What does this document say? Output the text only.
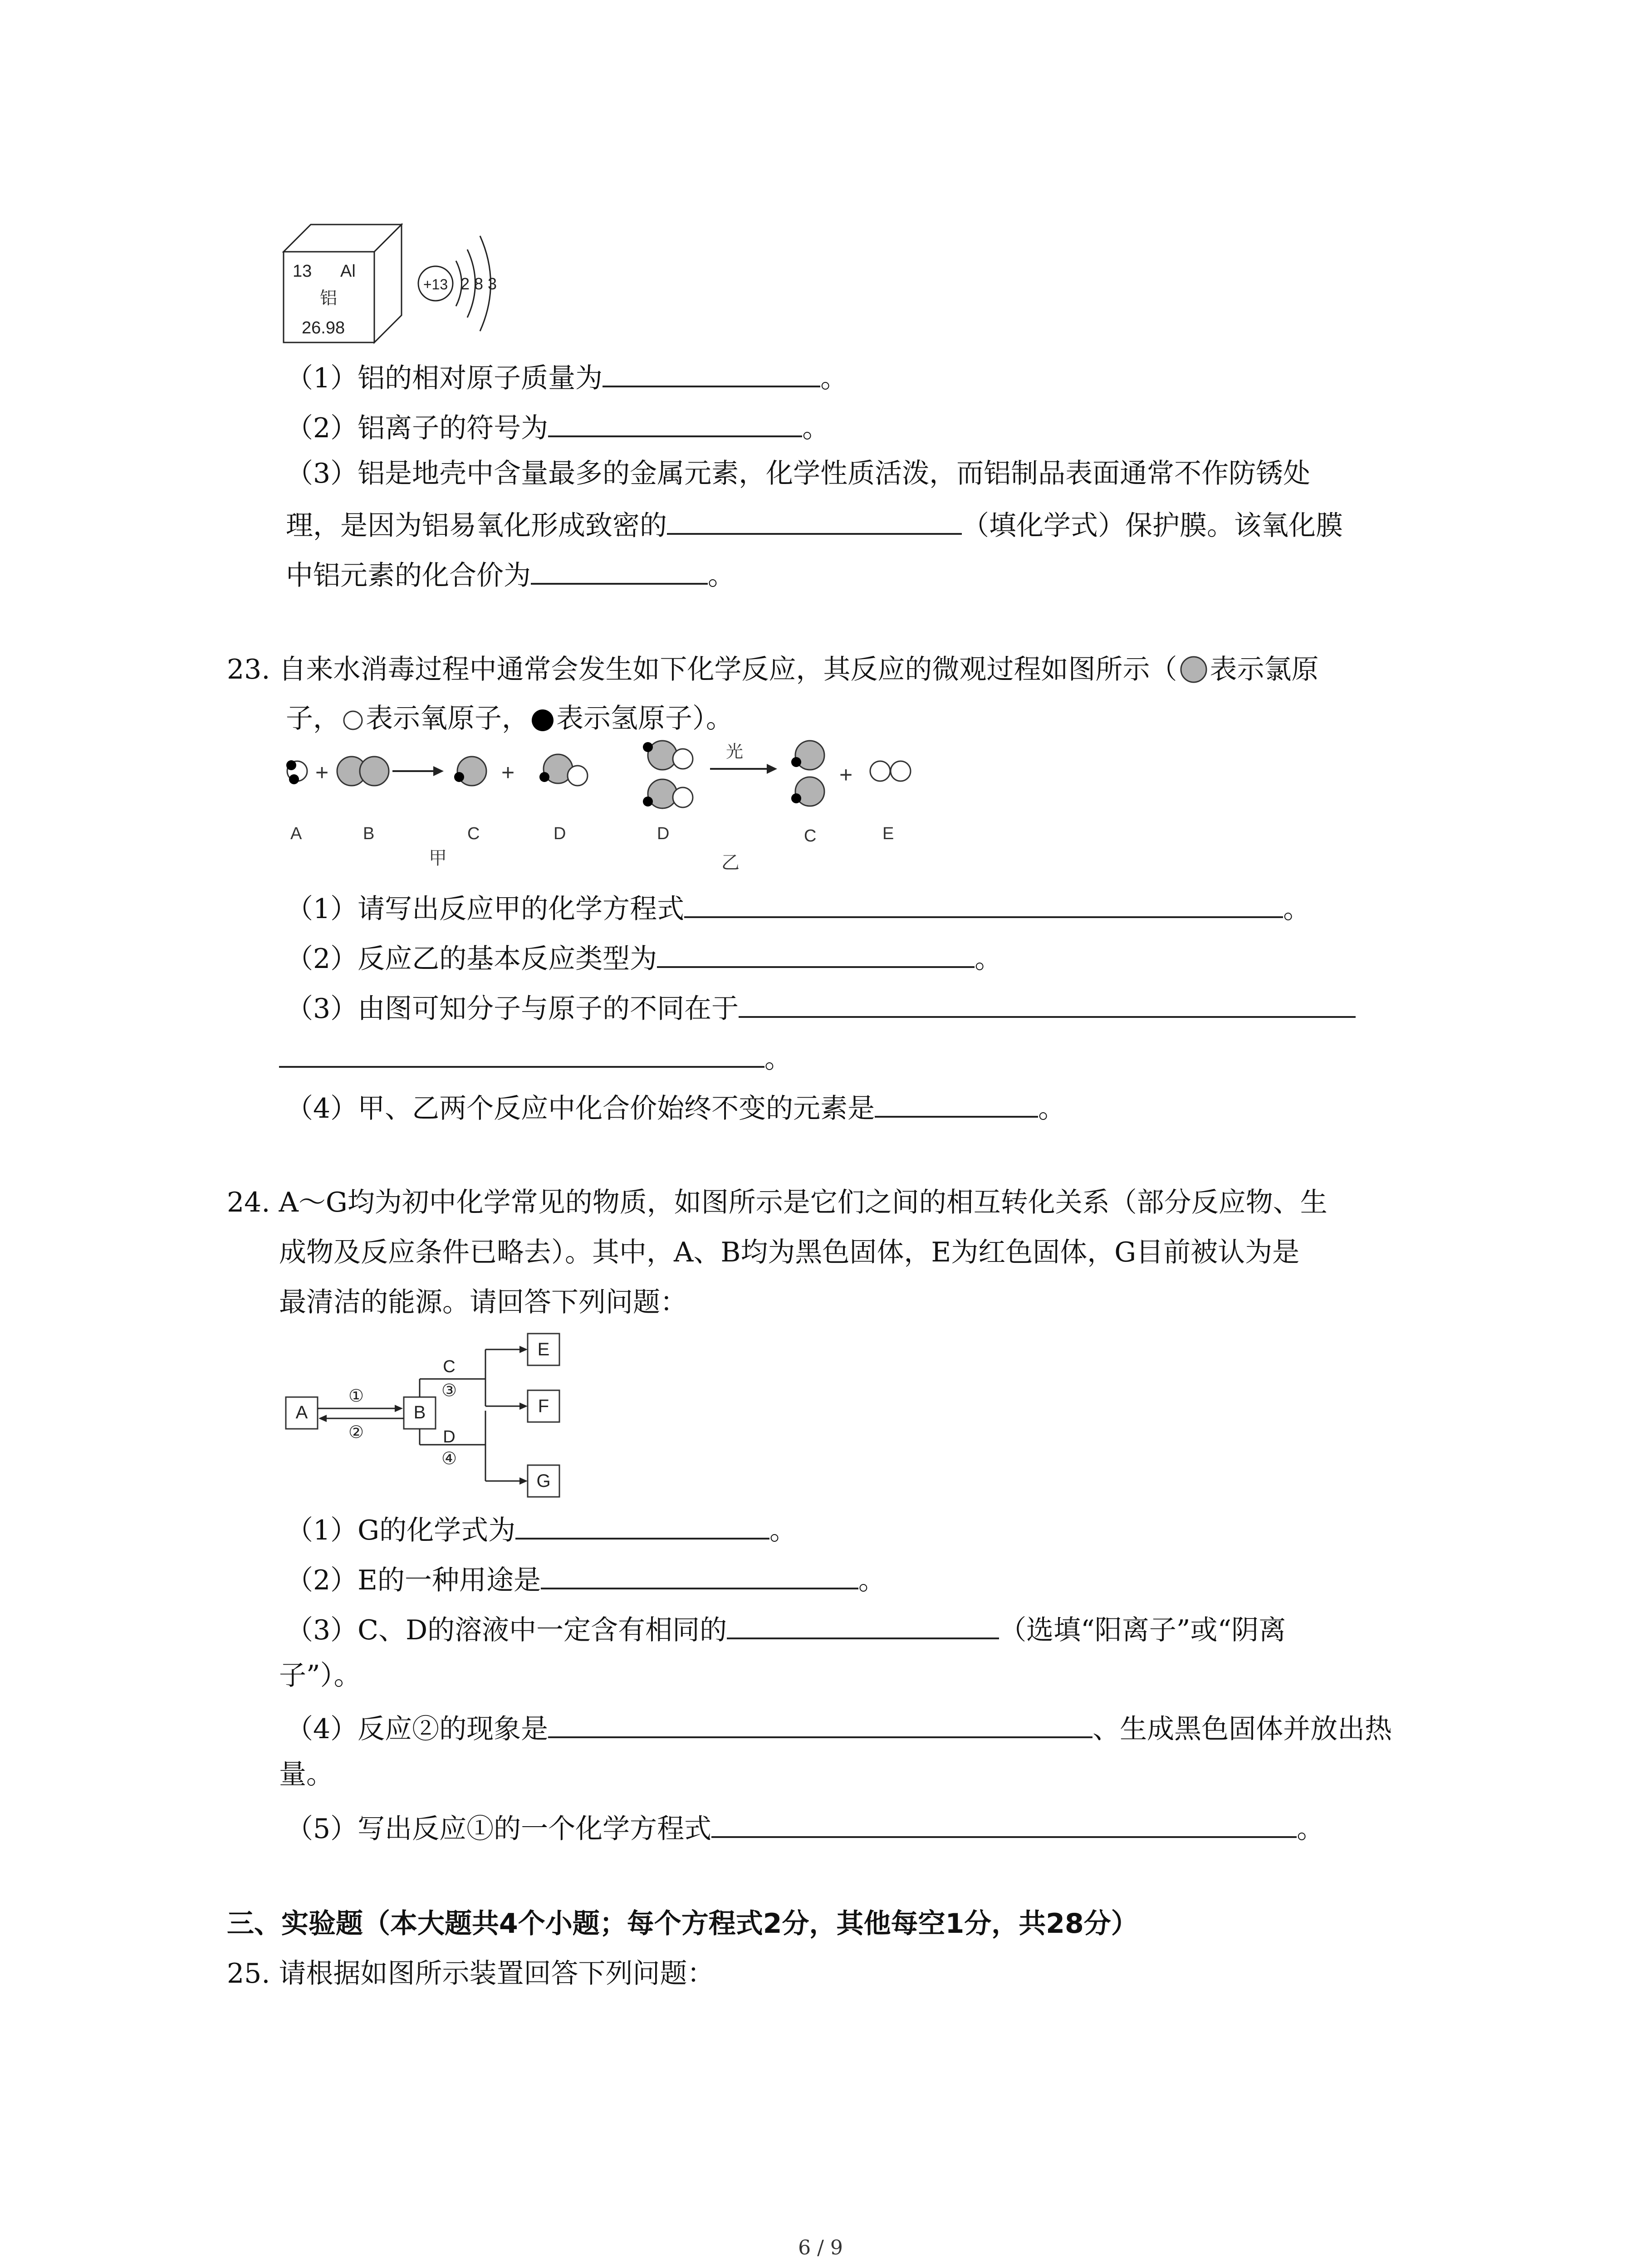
13 Al
铝
26.98
+13 2 8 3
（1）铝的相对原子质量为	。
（2）铝离子的符号为	。
（3）铝是地壳中含量最多的金属元素，化学性质活泼，而铝制品表面通常不作防锈处
理，是因为铝易氧化形成致密的	（填化学式）保护膜。该氧化膜
中铝元素的化合价为	。
23. 自来水消毒过程中通常会发生如下化学反应，其反应的微观过程如图所示（ 表示氯原
子， 表示氧原子， 表示氢原子）。
+	+
A	B	C	D
甲
光
+
D	C	E
乙
（1）请写出反应甲的化学方程式	。
（2）反应乙的基本反应类型为	。
（3）由图可知分子与原子的不同在于
。
（4）甲、乙两个反应中化合价始终不变的元素是	。
24. A～G均为初中化学常见的物质，如图所示是它们之间的相互转化关系（部分反应物、生
成物及反应条件已略去）。其中，A、B均为黑色固体，E为红色固体，G目前被认为是
最清洁的能源。请回答下列问题：
A	B
①
②
C
③
D
④
E
F
G
（1）G的化学式为	。
（2）E的一种用途是	。
（3）C、D的溶液中一定含有相同的	（选填“阳离子”或“阴离
子”）。
（4）反应②的现象是	、生成黑色固体并放出热
量。
（5）写出反应①的一个化学方程式	。
三、实验题（本大题共4个小题；每个方程式2分，其他每空1分，共28分）
25. 请根据如图所示装置回答下列问题：
6 / 9
